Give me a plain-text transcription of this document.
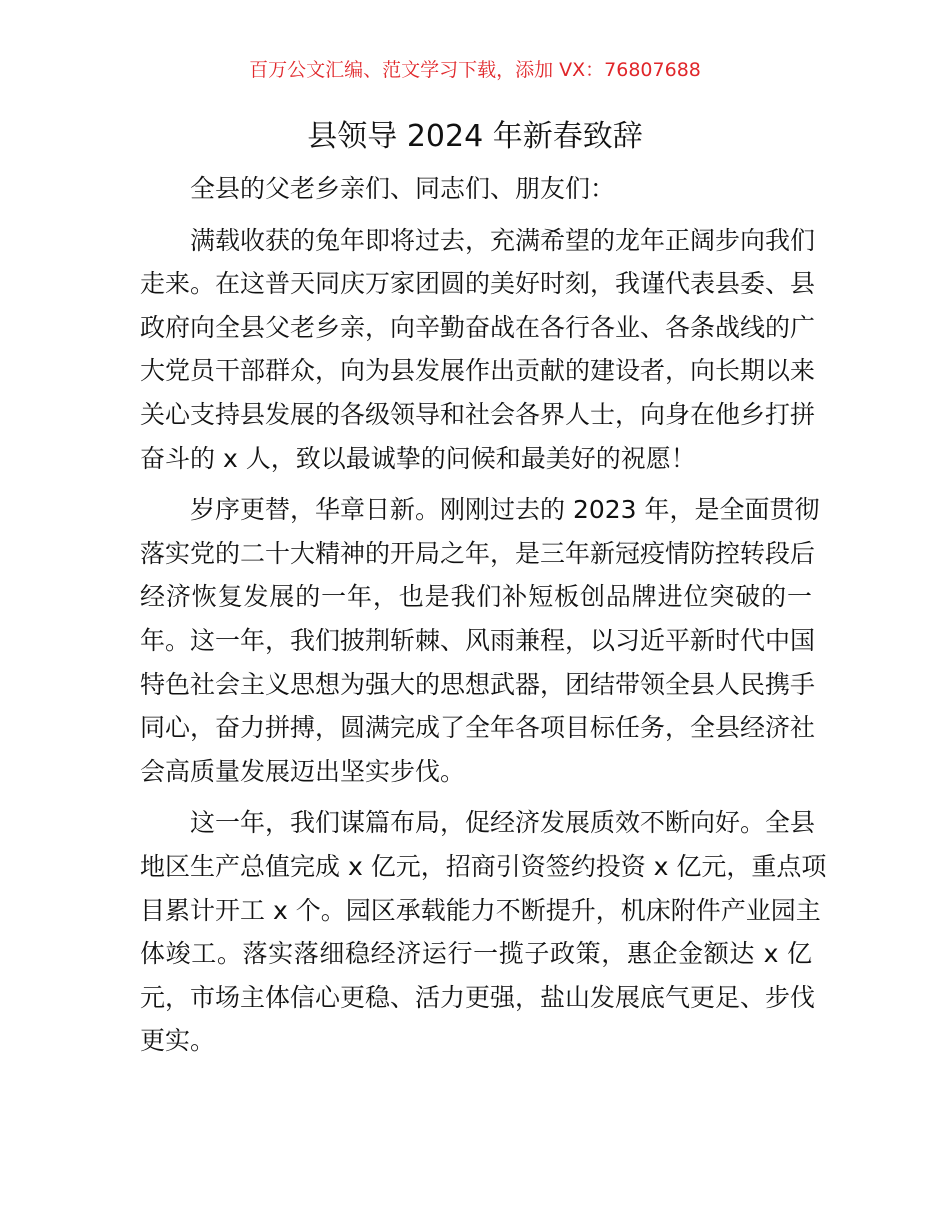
百万公文汇编、范文学习下载，添加 VX：76807688
县领导 2024 年新春致辞
全县的父老乡亲们、同志们、朋友们：
满载收获的兔年即将过去，充满希望的龙年正阔步向我们
走来。在这普天同庆万家团圆的美好时刻，我谨代表县委、县
政府向全县父老乡亲，向辛勤奋战在各行各业、各条战线的广
大党员干部群众，向为县发展作出贡献的建设者，向长期以来
关心支持县发展的各级领导和社会各界人士，向身在他乡打拼
奋斗的 x 人，致以最诚挚的问候和最美好的祝愿！
岁序更替，华章日新。刚刚过去的 2023 年，是全面贯彻
落实党的二十大精神的开局之年，是三年新冠疫情防控转段后
经济恢复发展的一年，也是我们补短板创品牌进位突破的一
年。这一年，我们披荆斩棘、风雨兼程，以习近平新时代中国
特色社会主义思想为强大的思想武器，团结带领全县人民携手
同心，奋力拼搏，圆满完成了全年各项目标任务，全县经济社
会高质量发展迈出坚实步伐。
这一年，我们谋篇布局，促经济发展质效不断向好。全县
地区生产总值完成 x 亿元，招商引资签约投资 x 亿元，重点项
目累计开工 x 个。园区承载能力不断提升，机床附件产业园主
体竣工。落实落细稳经济运行一揽子政策，惠企金额达 x 亿
元，市场主体信心更稳、活力更强，盐山发展底气更足、步伐
更实。
